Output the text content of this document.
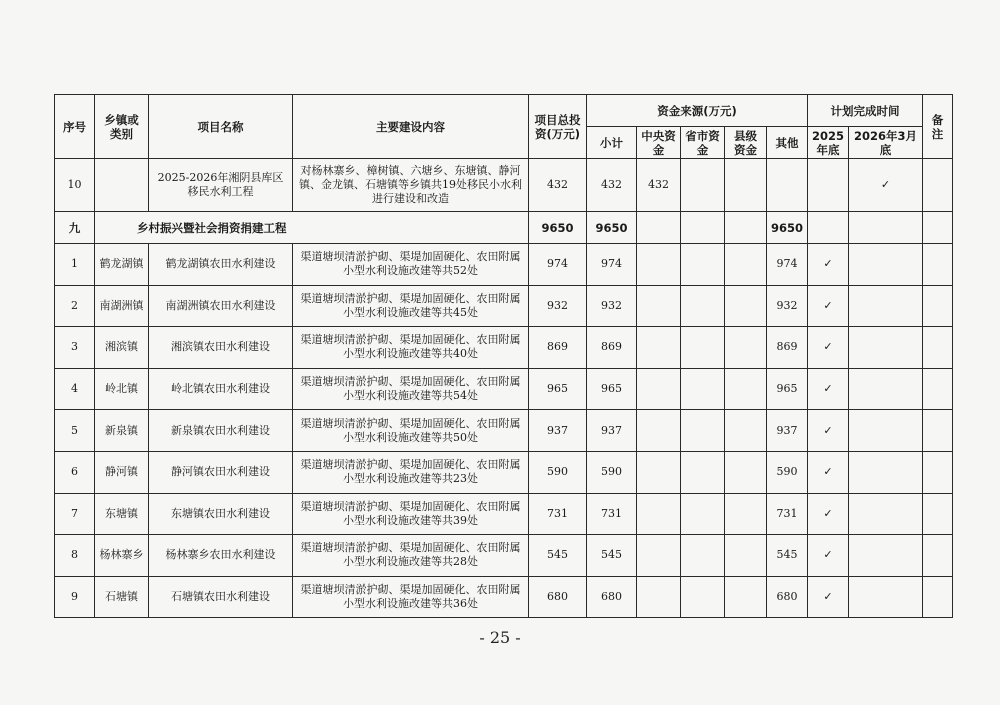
序号	乡镇或类别	项目名称	主要建设内容	项目总投资(万元)	资金来源(万元)					计划完成时间		备注
					小计	中央资金	省市资金	县级资金	其他	2025年底	2026年3月底	
10		2025-2026年湘阴县库区移民水利工程	对杨林寨乡、樟树镇、六塘乡、东塘镇、静河镇、金龙镇、石塘镇等乡镇共19处移民小水利进行建设和改造	432	432	432					✓	
九	乡村振兴暨社会捐资捐建工程			9650	9650				9650			
1	鹤龙湖镇	鹤龙湖镇农田水利建设	渠道塘坝清淤护砌、渠堤加固硬化、农田附属小型水利设施改建等共52处	974	974				974	✓		
2	南湖洲镇	南湖洲镇农田水利建设	渠道塘坝清淤护砌、渠堤加固硬化、农田附属小型水利设施改建等共45处	932	932				932	✓		
3	湘滨镇	湘滨镇农田水利建设	渠道塘坝清淤护砌、渠堤加固硬化、农田附属小型水利设施改建等共40处	869	869				869	✓		
4	岭北镇	岭北镇农田水利建设	渠道塘坝清淤护砌、渠堤加固硬化、农田附属小型水利设施改建等共54处	965	965				965	✓		
5	新泉镇	新泉镇农田水利建设	渠道塘坝清淤护砌、渠堤加固硬化、农田附属小型水利设施改建等共50处	937	937				937	✓		
6	静河镇	静河镇农田水利建设	渠道塘坝清淤护砌、渠堤加固硬化、农田附属小型水利设施改建等共23处	590	590				590	✓		
7	东塘镇	东塘镇农田水利建设	渠道塘坝清淤护砌、渠堤加固硬化、农田附属小型水利设施改建等共39处	731	731				731	✓		
8	杨林寨乡	杨林寨乡农田水利建设	渠道塘坝清淤护砌、渠堤加固硬化、农田附属小型水利设施改建等共28处	545	545				545	✓		
9	石塘镇	石塘镇农田水利建设	渠道塘坝清淤护砌、渠堤加固硬化、农田附属小型水利设施改建等共36处	680	680				680	✓		
- 25 -
